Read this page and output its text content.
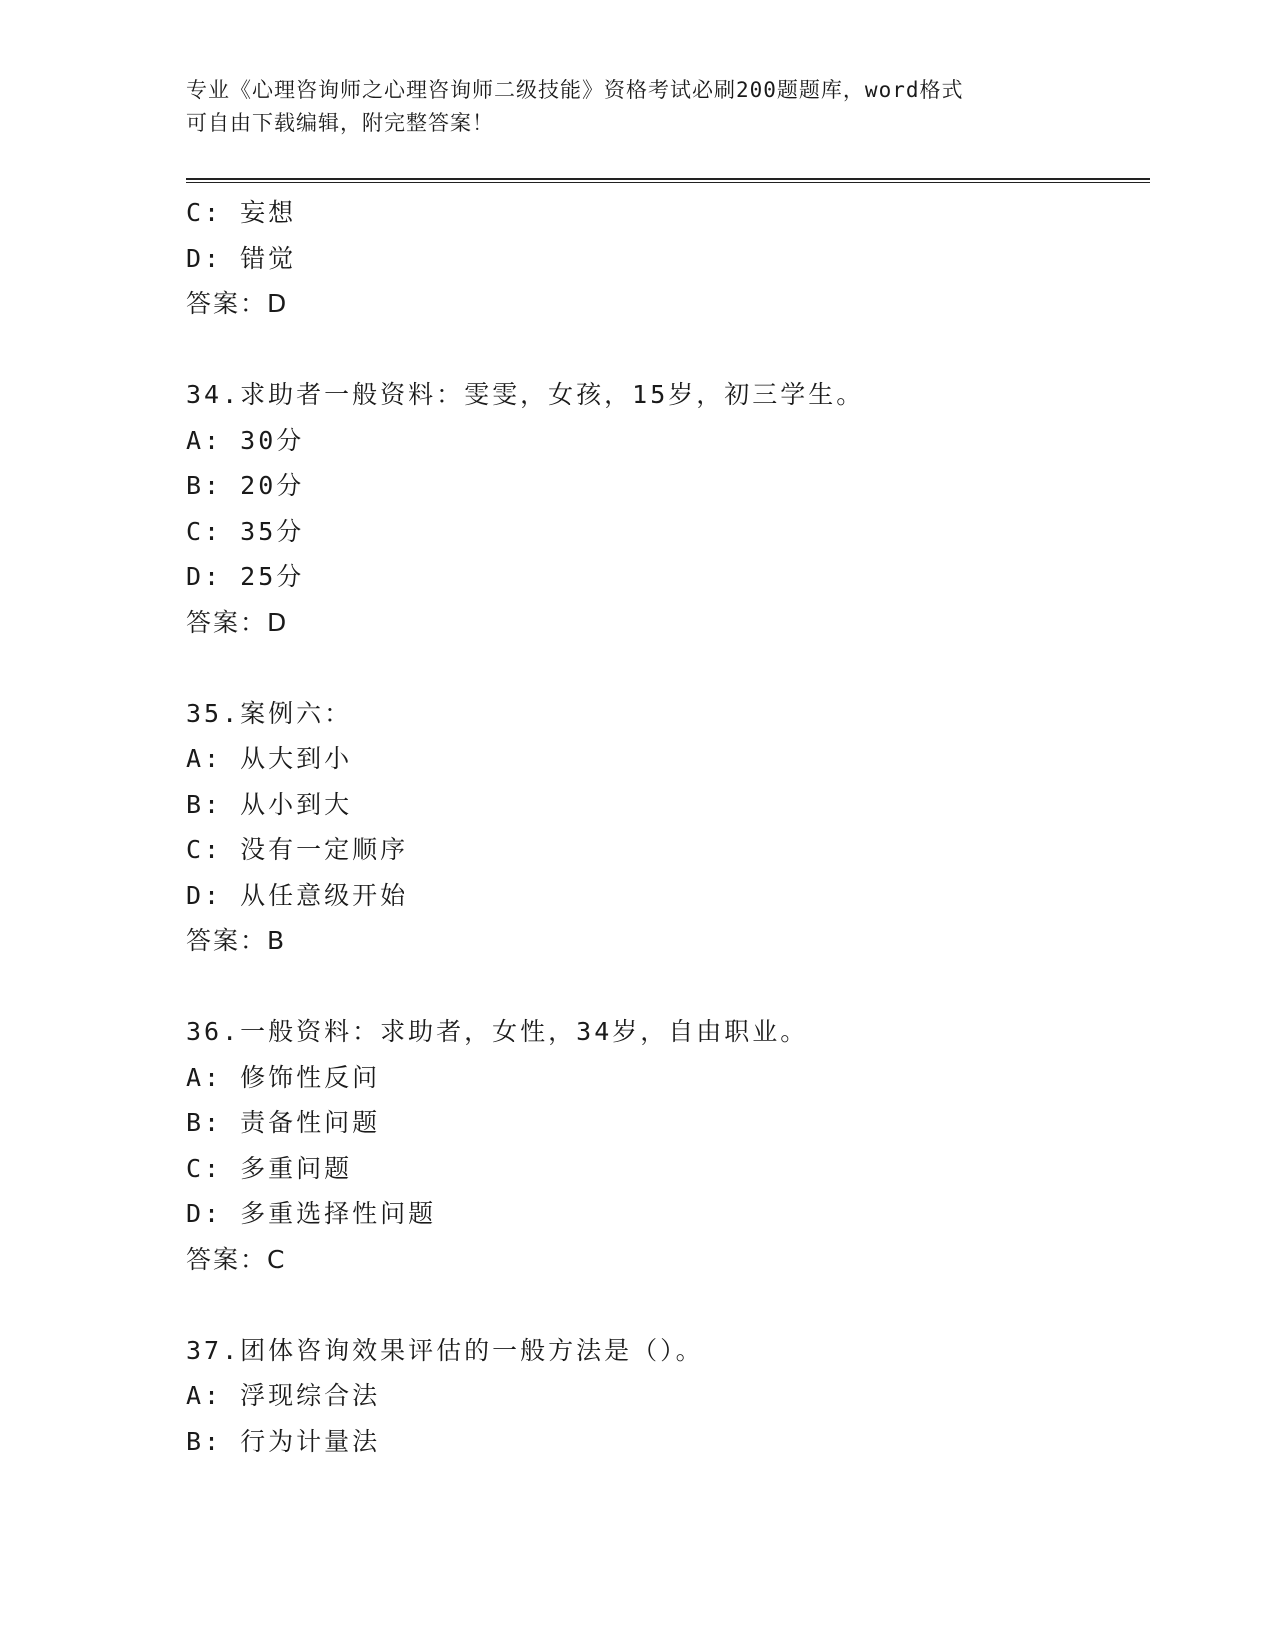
专业《心理咨询师之心理咨询师二级技能》资格考试必刷200题题库，word格式
可自由下载编辑，附完整答案！
C: 妄想
D: 错觉
答案：D
34.求助者一般资料：雯雯，女孩，15岁，初三学生。
A: 30分
B: 20分
C: 35分
D: 25分
答案：D
35.案例六：
A: 从大到小
B: 从小到大
C: 没有一定顺序
D: 从任意级开始
答案：B
36.一般资料：求助者，女性，34岁，自由职业。
A: 修饰性反问
B: 责备性问题
C: 多重问题
D: 多重选择性问题
答案：C
37.团体咨询效果评估的一般方法是（）。
A: 浮现综合法
B: 行为计量法
